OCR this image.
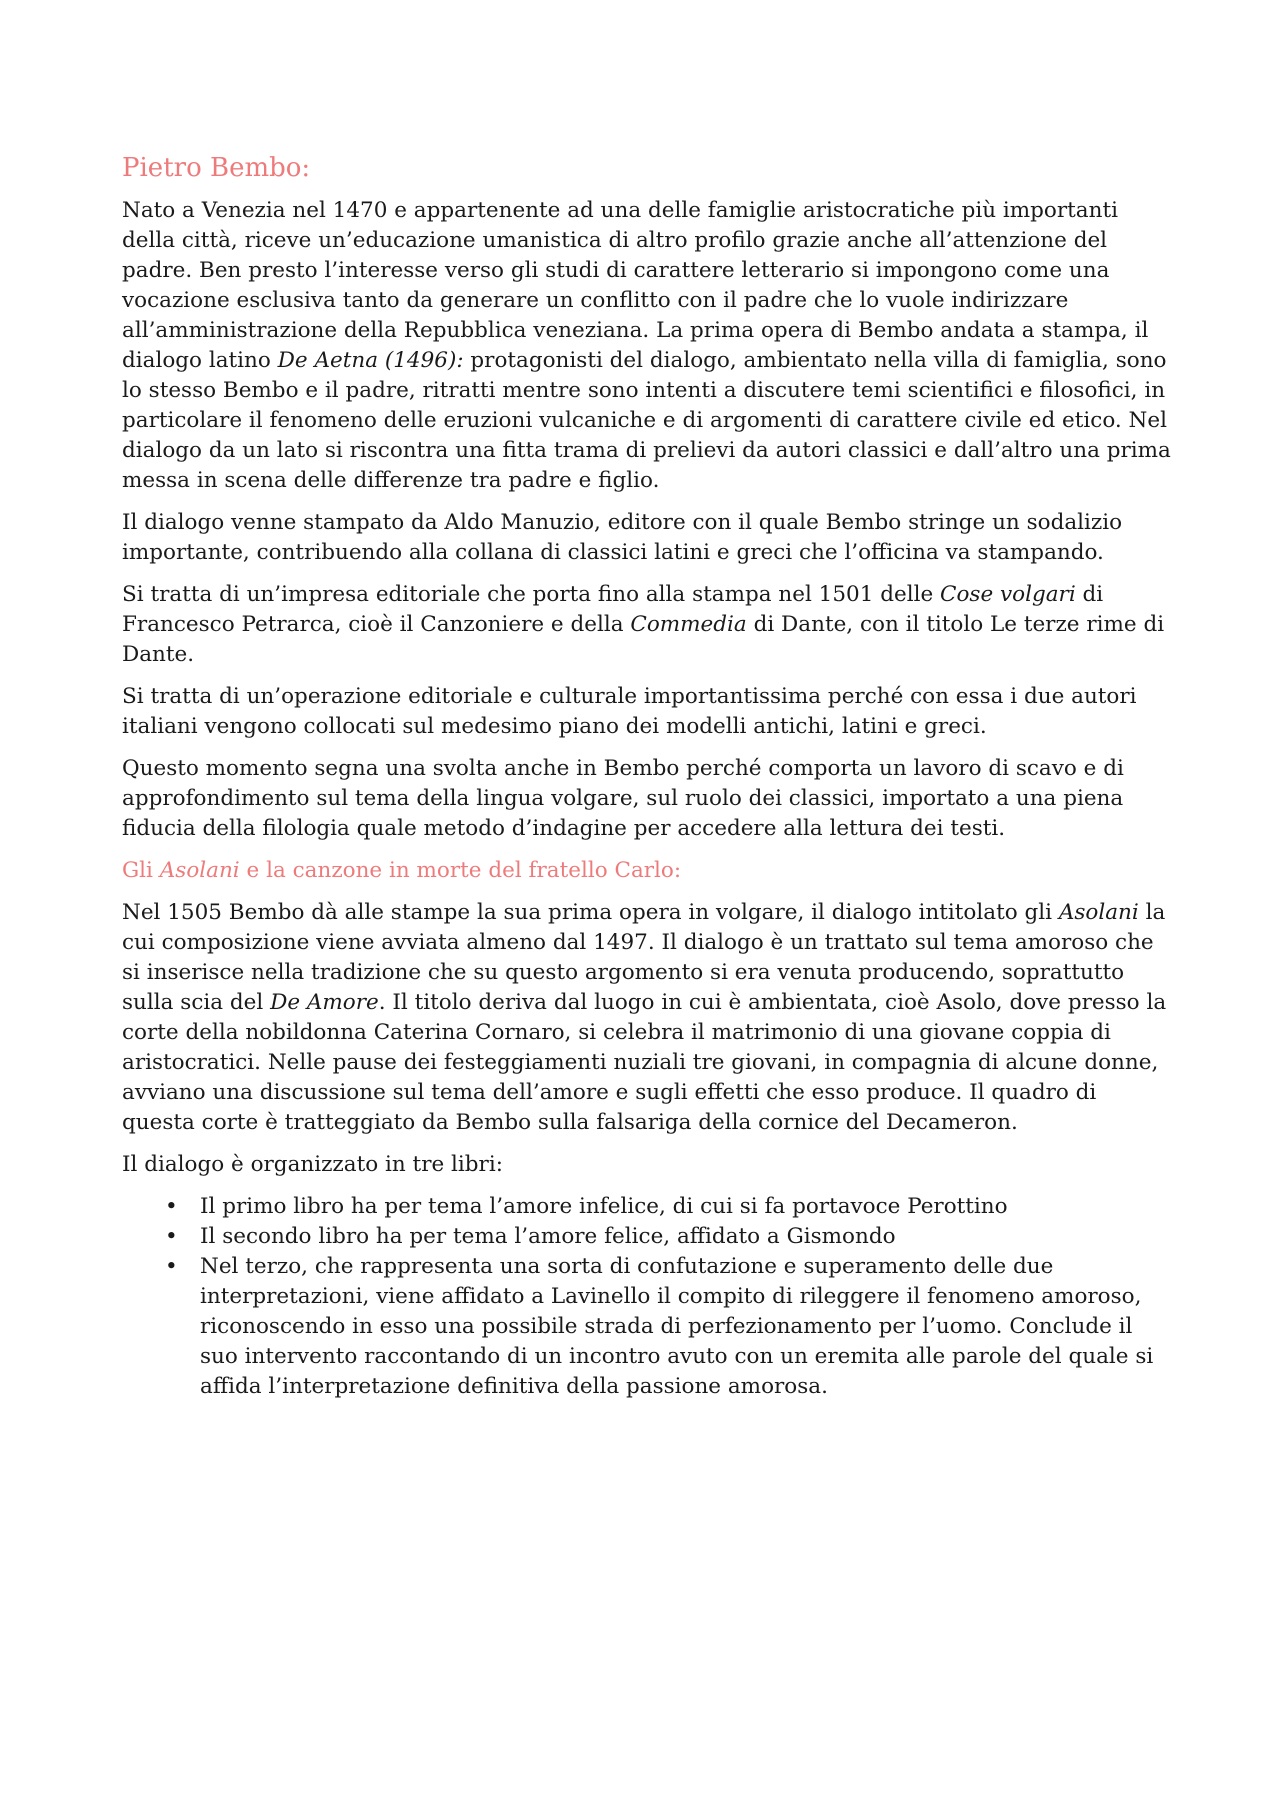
Pietro Bembo:

Nato a Venezia nel 1470 e appartenente ad una delle famiglie aristocratiche più importanti della città, riceve un’educazione umanistica di altro profilo grazie anche all’attenzione del padre. Ben presto l’interesse verso gli studi di carattere letterario si impongono come una vocazione esclusiva tanto da generare un conflitto con il padre che lo vuole indirizzare all’amministrazione della Repubblica veneziana. La prima opera di Bembo andata a stampa, il dialogo latino De Aetna (1496): protagonisti del dialogo, ambientato nella villa di famiglia, sono lo stesso Bembo e il padre, ritratti mentre sono intenti a discutere temi scientifici e filosofici, in particolare il fenomeno delle eruzioni vulcaniche e di argomenti di carattere civile ed etico. Nel dialogo da un lato si riscontra una fitta trama di prelievi da autori classici e dall’altro una prima messa in scena delle differenze tra padre e figlio.

Il dialogo venne stampato da Aldo Manuzio, editore con il quale Bembo stringe un sodalizio importante, contribuendo alla collana di classici latini e greci che l’officina va stampando.

Si tratta di un’impresa editoriale che porta fino alla stampa nel 1501 delle Cose volgari di Francesco Petrarca, cioè il Canzoniere e della Commedia di Dante, con il titolo Le terze rime di Dante.

Si tratta di un’operazione editoriale e culturale importantissima perché con essa i due autori italiani vengono collocati sul medesimo piano dei modelli antichi, latini e greci.

Questo momento segna una svolta anche in Bembo perché comporta un lavoro di scavo e di approfondimento sul tema della lingua volgare, sul ruolo dei classici, importato a una piena fiducia della filologia quale metodo d’indagine per accedere alla lettura dei testi.

Gli Asolani e la canzone in morte del fratello Carlo:

Nel 1505 Bembo dà alle stampe la sua prima opera in volgare, il dialogo intitolato gli Asolani la cui composizione viene avviata almeno dal 1497. Il dialogo è un trattato sul tema amoroso che si inserisce nella tradizione che su questo argomento si era venuta producendo, soprattutto sulla scia del De Amore. Il titolo deriva dal luogo in cui è ambientata, cioè Asolo, dove presso la corte della nobildonna Caterina Cornaro, si celebra il matrimonio di una giovane coppia di aristocratici. Nelle pause dei festeggiamenti nuziali tre giovani, in compagnia di alcune donne, avviano una discussione sul tema dell’amore e sugli effetti che esso produce. Il quadro di questa corte è tratteggiato da Bembo sulla falsariga della cornice del Decameron.

Il dialogo è organizzato in tre libri:

• Il primo libro ha per tema l’amore infelice, di cui si fa portavoce Perottino
• Il secondo libro ha per tema l’amore felice, affidato a Gismondo
• Nel terzo, che rappresenta una sorta di confutazione e superamento delle due interpretazioni, viene affidato a Lavinello il compito di rileggere il fenomeno amoroso, riconoscendo in esso una possibile strada di perfezionamento per l’uomo. Conclude il suo intervento raccontando di un incontro avuto con un eremita alle parole del quale si affida l’interpretazione definitiva della passione amorosa.
